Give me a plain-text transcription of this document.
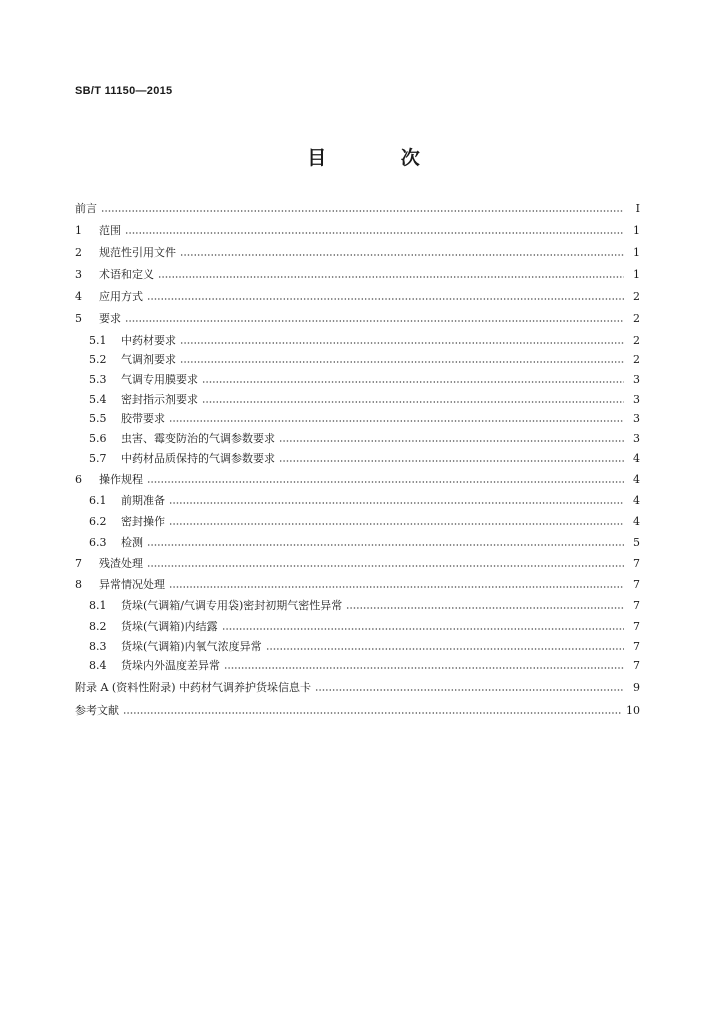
SB/T 11150—2015
目 次
前言	Ⅰ
1	范围	1
2	规范性引用文件	1
3	术语和定义	1
4	应用方式	2
5	要求	2
5.1	中药材要求	2
5.2	气调剂要求	2
5.3	气调专用膜要求	3
5.4	密封指示剂要求	3
5.5	胶带要求	3
5.6	虫害、霉变防治的气调参数要求	3
5.7	中药材品质保持的气调参数要求	4
6	操作规程	4
6.1	前期准备	4
6.2	密封操作	4
6.3	检测	5
7	残渣处理	7
8	异常情况处理	7
8.1	货垛(气调箱/气调专用袋)密封初期气密性异常	7
8.2	货垛(气调箱)内结露	7
8.3	货垛(气调箱)内氧气浓度异常	7
8.4	货垛内外温度差异常	7
附录 A (资料性附录) 中药材气调养护货垛信息卡	9
参考文献	10
